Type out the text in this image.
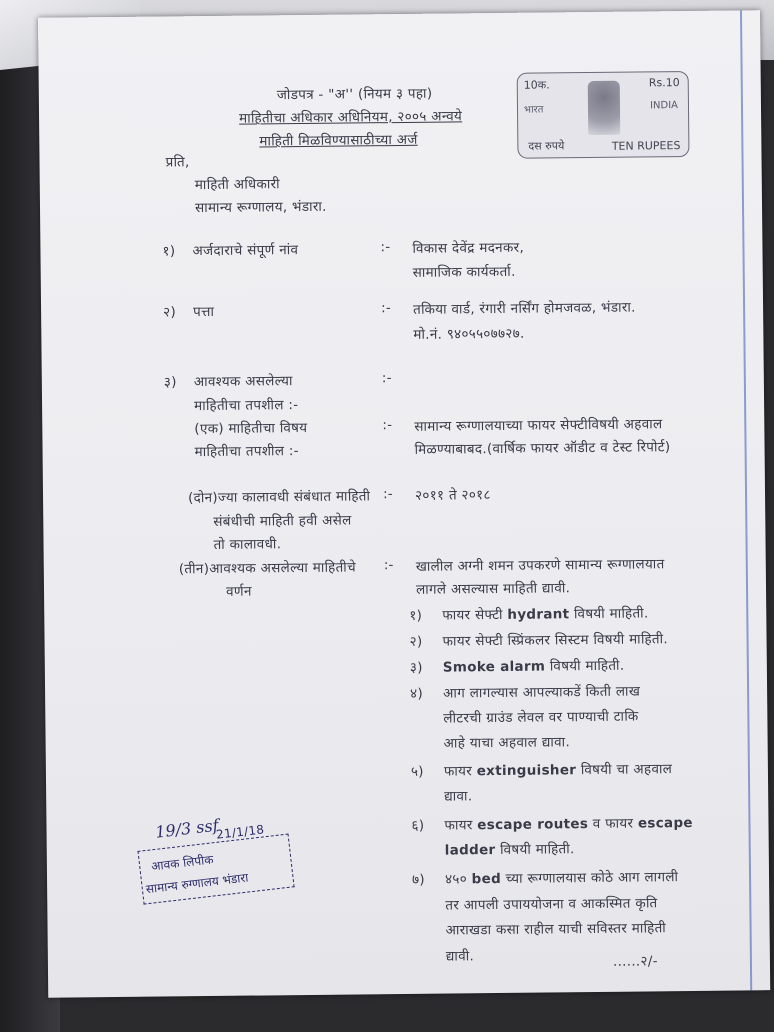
जोडपत्र - "अ'' (नियम ३ पहा)
माहितीचा अधिकार अधिनियम, २००५ अन्वये
माहिती मिळविण्यासाठीच्या अर्ज
10क.	Rs.10
भारत	INDIA
दस रुपये	TEN RUPEES
प्रति,
माहिती अधिकारी
सामान्य रूग्णालय, भंडारा.
१) अर्जदाराचे संपूर्ण नांव	:- विकास देवेंद्र मदनकर,
सामाजिक कार्यकर्ता.
२) पत्ता	:- तकिया वार्ड, रंगारी नर्सिंग होमजवळ, भंडारा.
मो.नं. ९४०५५०७७२७.
३) आवश्यक असलेल्या	:-
माहितीचा तपशील :-
(एक) माहितीचा विषय	:-
माहितीचा तपशील :-
सामान्य रूग्णालयाच्या फायर सेफ्टीविषयी अहवाल
मिळण्याबाबद.(वार्षिक फायर ऑडीट व टेस्ट रिपोर्ट)
(दोन)ज्या कालावधी संबंधात माहिती :- २०११ ते २०१८
संबंधीची माहिती हवी असेल
तो कालावधी.
(तीन)आवश्यक असलेल्या माहितीचे :-
वर्णन
खालील अग्नी शमन उपकरणे सामान्य रूग्णालयात
लागले असल्यास माहिती द्यावी.
१) फायर सेफ्टी hydrant विषयी माहिती.
२) फायर सेफ्टी स्प्रिंकलर सिस्टम विषयी माहिती.
३) Smoke alarm विषयी माहिती.
४) आग लागल्यास आपल्याकडें किती लाख
लीटरची ग्राउंड लेवल वर पाण्याची टाकि
आहे याचा अहवाल द्यावा.
५) फायर extinguisher विषयी चा अहवाल
द्यावा.
६) फायर escape routes व फायर escape
ladder विषयी माहिती.
७) ४५० bed च्या रूग्णालयास कोठे आग लागली
तर आपली उपाययोजना व आकस्मित कृति
आराखडा कसा राहील याची सविस्तर माहिती
द्यावी.	......२/-
19/3 ssf
21/1/18
आवक लिपीक
सामान्य रुग्णालय भंडारा
